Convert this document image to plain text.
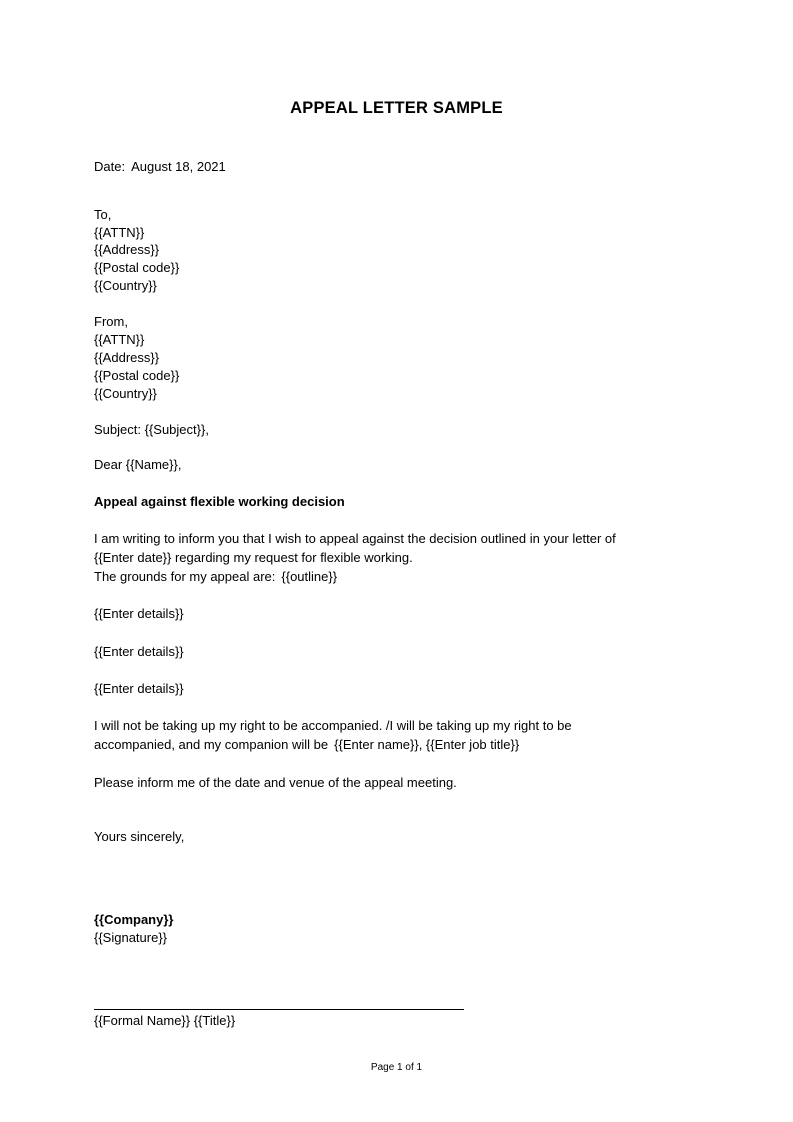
APPEAL LETTER SAMPLE
Date: August 18, 2021
To,
{{ATTN}}
{{Address}}
{{Postal code}}
{{Country}}
From,
{{ATTN}}
{{Address}}
{{Postal code}}
{{Country}}
Subject: {{Subject}},
Dear {{Name}},
Appeal against flexible working decision
I am writing to inform you that I wish to appeal against the decision outlined in your letter of
{{Enter date}} regarding my request for flexible working.
The grounds for my appeal are: {{outline}}
{{Enter details}}
{{Enter details}}
{{Enter details}}
I will not be taking up my right to be accompanied. /I will be taking up my right to be
accompanied, and my companion will be {{Enter name}}, {{Enter job title}}
Please inform me of the date and venue of the appeal meeting.
Yours sincerely,
{{Company}}
{{Signature}}
{{Formal Name}} {{Title}}
Page 1 of 1
